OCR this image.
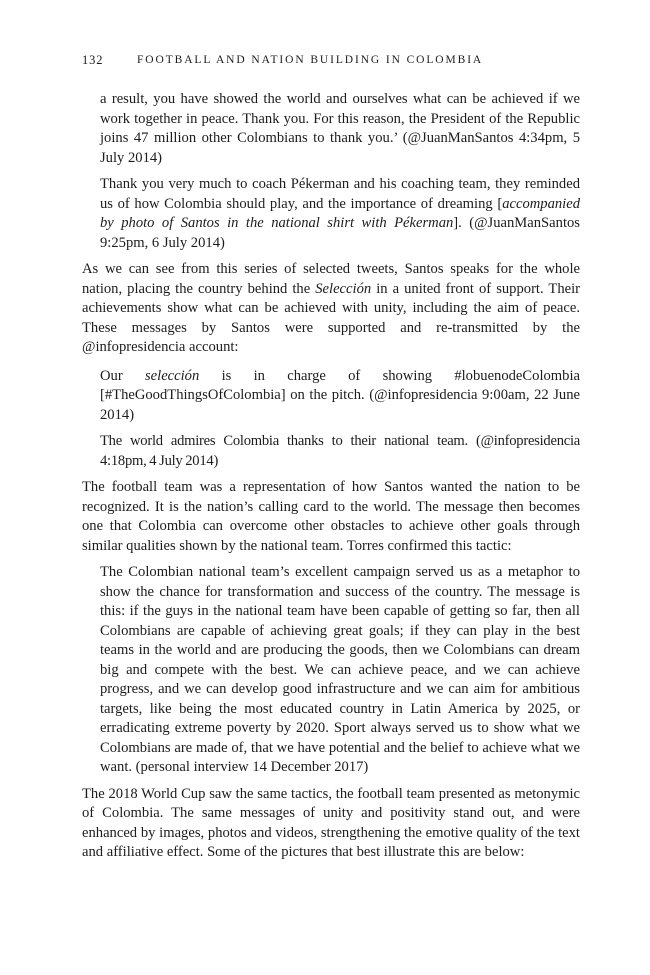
132	FOOTBALL AND NATION BUILDING IN COLOMBIA

a result, you have showed the world and ourselves what can be achieved if we work together in peace. Thank you. For this reason, the President of the Republic joins 47 million other Colombians to thank you.’ (@JuanManSantos 4:34pm, 5 July 2014)

Thank you very much to coach Pékerman and his coaching team, they reminded us of how Colombia should play, and the importance of dreaming [accompanied by photo of Santos in the national shirt with Pékerman]. (@JuanManSantos 9:25pm, 6 July 2014)

As we can see from this series of selected tweets, Santos speaks for the whole nation, placing the country behind the Selección in a united front of support. Their achievements show what can be achieved with unity, including the aim of peace. These messages by Santos were supported and re-transmitted by the @infopresidencia account:

Our selección is in charge of showing #lobuenodeColombia [#TheGoodThingsOfColombia] on the pitch. (@infopresidencia 9:00am, 22 June 2014)

The world admires Colombia thanks to their national team. (@infopresidencia 4:18pm, 4 July 2014)

The football team was a representation of how Santos wanted the nation to be recognized. It is the nation’s calling card to the world. The message then becomes one that Colombia can overcome other obstacles to achieve other goals through similar qualities shown by the national team. Torres confirmed this tactic:

The Colombian national team’s excellent campaign served us as a metaphor to show the chance for transformation and success of the country. The message is this: if the guys in the national team have been capable of getting so far, then all Colombians are capable of achieving great goals; if they can play in the best teams in the world and are producing the goods, then we Colombians can dream big and compete with the best. We can achieve peace, and we can achieve progress, and we can develop good infrastructure and we can aim for ambitious targets, like being the most educated country in Latin America by 2025, or erradicating extreme poverty by 2020. Sport always served us to show what we Colombians are made of, that we have potential and the belief to achieve what we want. (personal interview 14 December 2017)

The 2018 World Cup saw the same tactics, the football team presented as metonymic of Colombia. The same messages of unity and positivity stand out, and were enhanced by images, photos and videos, strengthening the emotive quality of the text and affiliative effect. Some of the pictures that best illustrate this are below:
